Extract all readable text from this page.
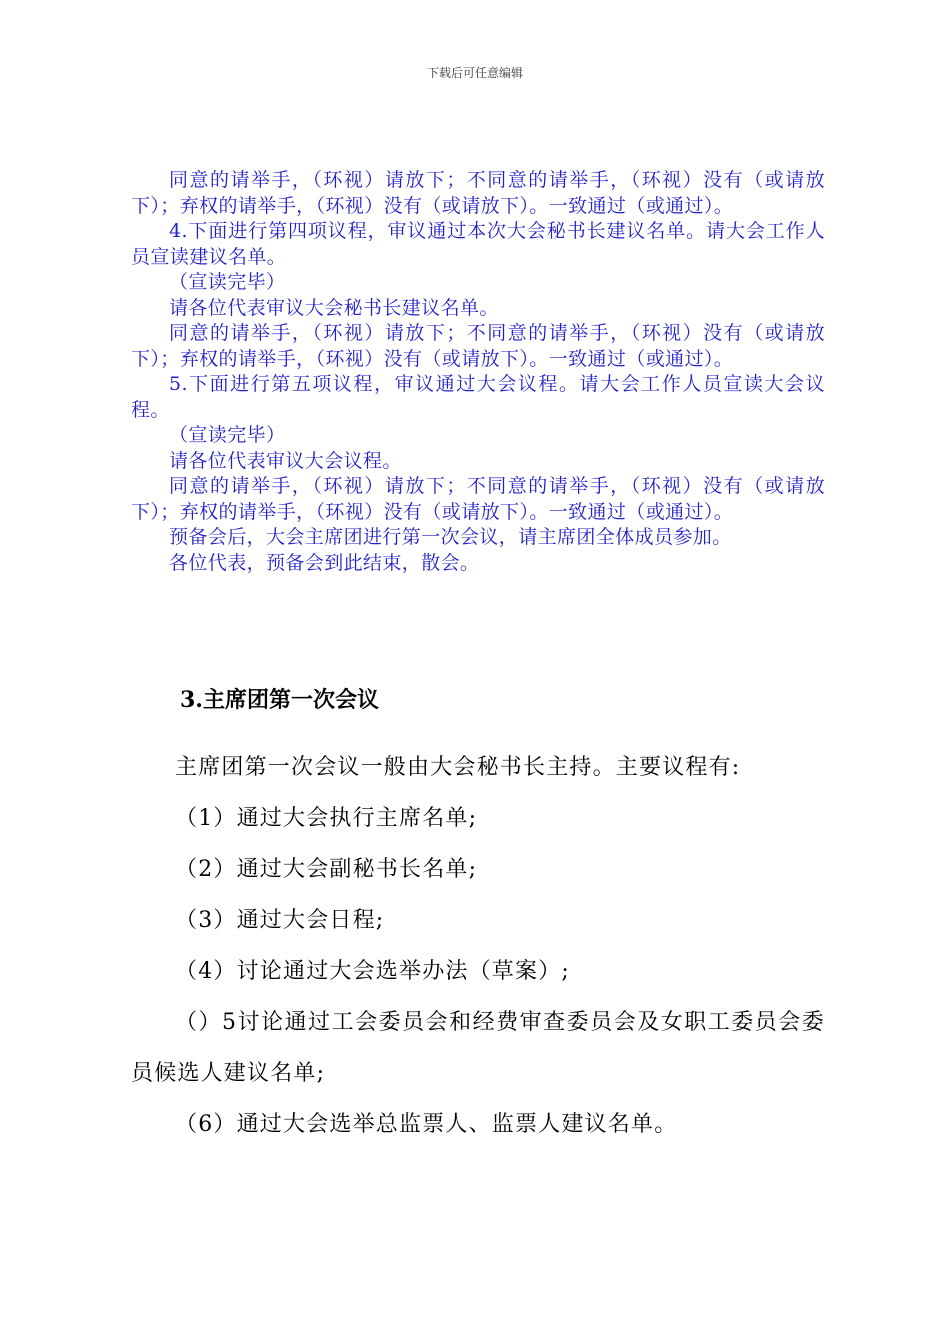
下载后可任意编辑

同意的请举手，（环视）请放下；不同意的请举手，（环视）没有（或请放下）；弃权的请举手，（环视）没有（或请放下）。一致通过（或通过）。

4.下面进行第四项议程，审议通过本次大会秘书长建议名单。请大会工作人员宣读建议名单。

（宣读完毕）

请各位代表审议大会秘书长建议名单。

同意的请举手，（环视）请放下；不同意的请举手，（环视）没有（或请放下）；弃权的请举手，（环视）没有（或请放下）。一致通过（或通过）。

5.下面进行第五项议程，审议通过大会议程。请大会工作人员宣读大会议程。

（宣读完毕）

请各位代表审议大会议程。

同意的请举手，（环视）请放下；不同意的请举手，（环视）没有（或请放下）；弃权的请举手，（环视）没有（或请放下）。一致通过（或通过）。

预备会后，大会主席团进行第一次会议，请主席团全体成员参加。

各位代表，预备会到此结束，散会。

3.主席团第一次会议

主席团第一次会议一般由大会秘书长主持。主要议程有:

（1）通过大会执行主席名单;

（2）通过大会副秘书长名单;

（3）通过大会日程;

（4）讨论通过大会选举办法（草案）;

（）5讨论通过工会委员会和经费审查委员会及女职工委员会委员候选人建议名单;

（6）通过大会选举总监票人、监票人建议名单。
